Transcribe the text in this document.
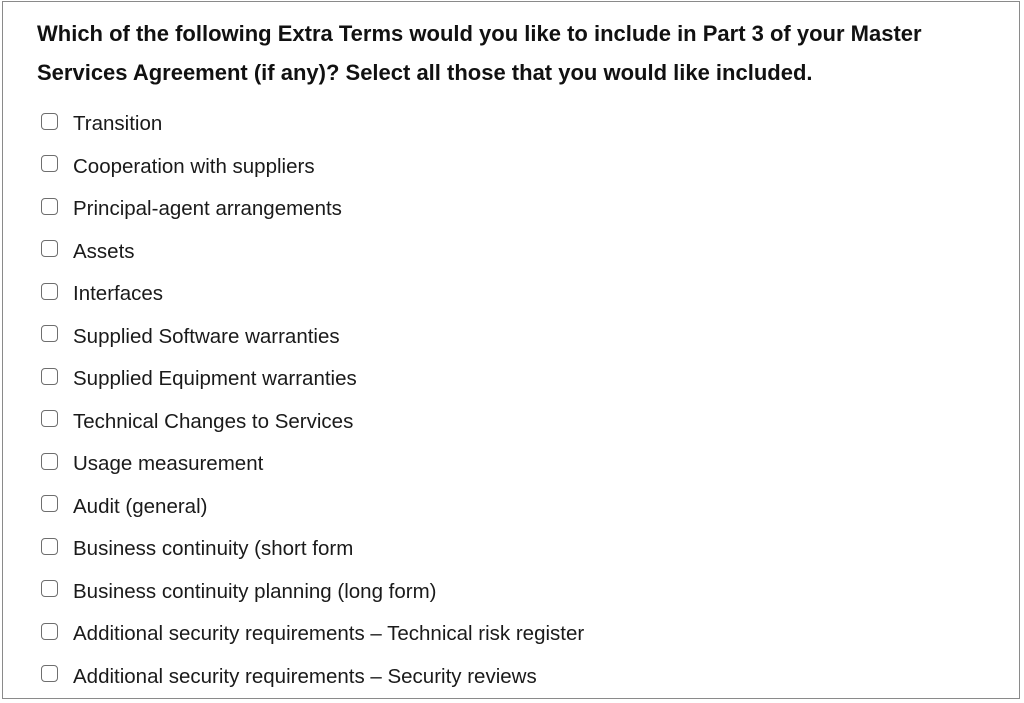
Which of the following Extra Terms would you like to include in Part 3 of your Master Services Agreement (if any)? Select all those that you would like included.

Transition
Cooperation with suppliers
Principal-agent arrangements
Assets
Interfaces
Supplied Software warranties
Supplied Equipment warranties
Technical Changes to Services
Usage measurement
Audit (general)
Business continuity (short form
Business continuity planning (long form)
Additional security requirements – Technical risk register
Additional security requirements – Security reviews
